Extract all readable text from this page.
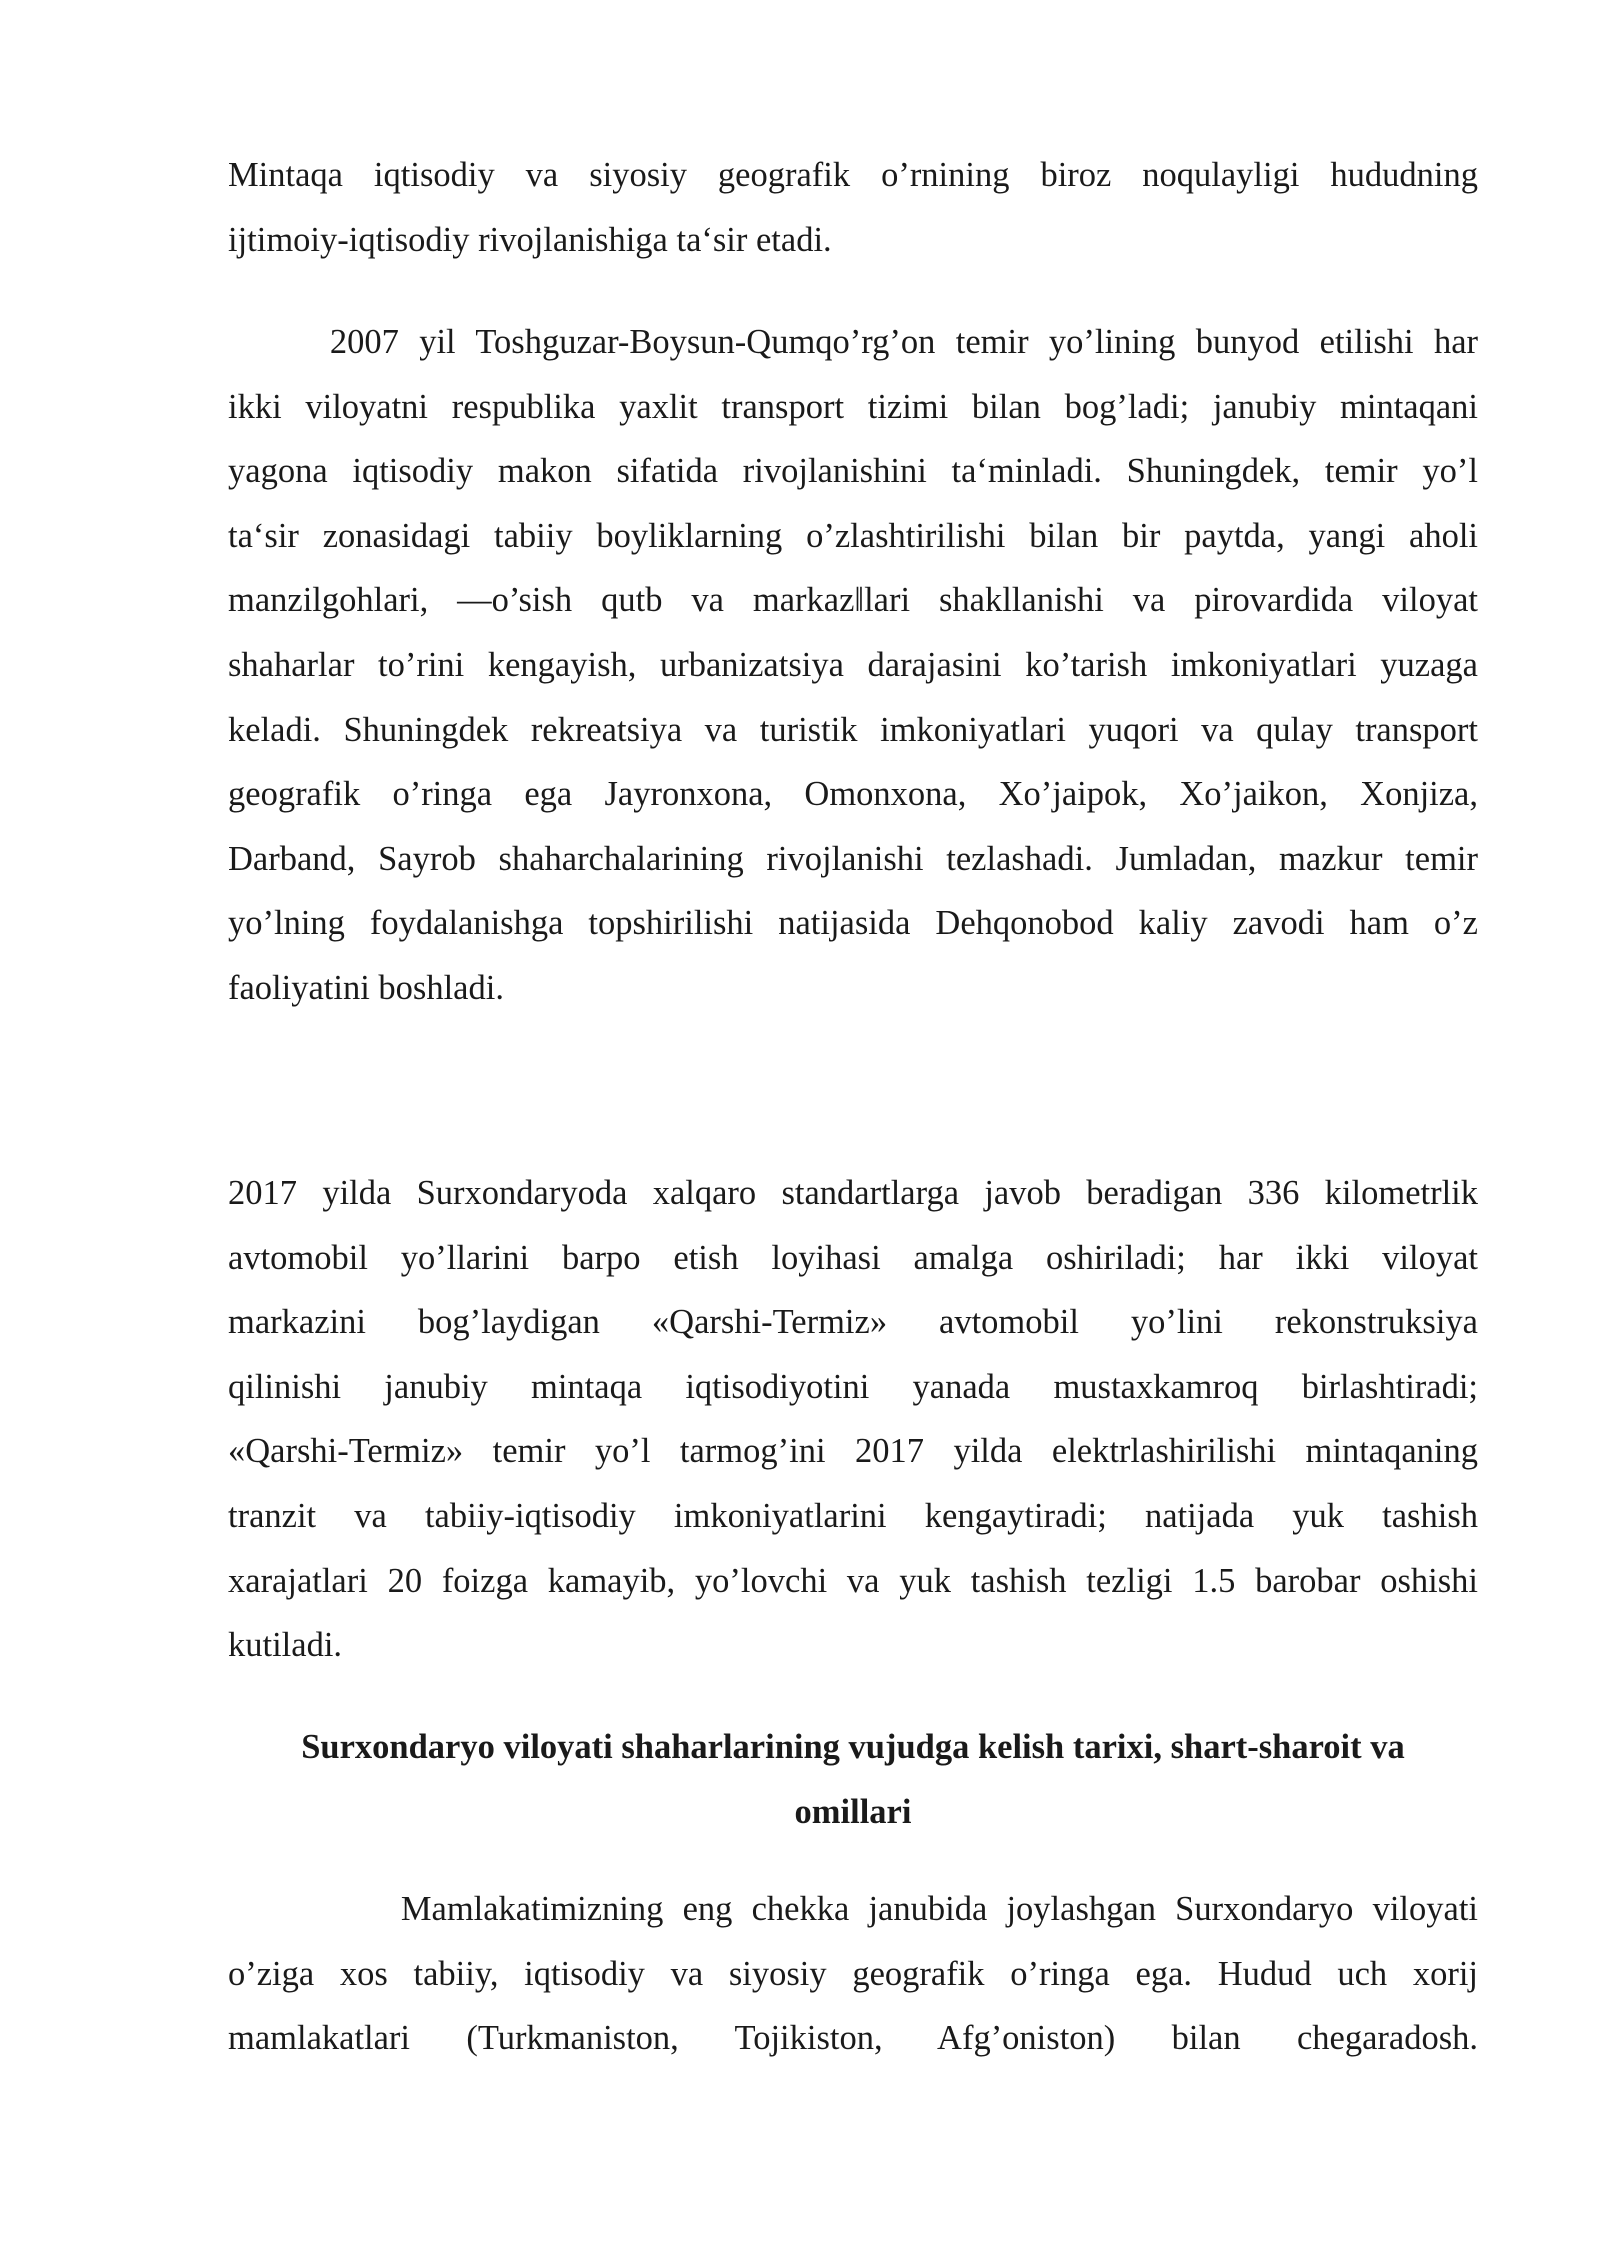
Mintaqa iqtisodiy va siyosiy geografik o’rnining biroz noqulayligi hududning
ijtimoiy-iqtisodiy rivojlanishiga ta‘sir etadi.
2007 yil Toshguzar-Boysun-Qumqo’rg’on temir yo’lining bunyod etilishi har
ikki viloyatni respublika yaxlit transport tizimi bilan bog’ladi; janubiy mintaqani
yagona iqtisodiy makon sifatida rivojlanishini ta‘minladi. Shuningdek, temir yo’l
ta‘sir zonasidagi tabiiy boyliklarning o’zlashtirilishi bilan bir paytda, yangi aholi
manzilgohlari, ―o’sish qutb va markaz‖lari shakllanishi va pirovardida viloyat
shaharlar to’rini kengayish, urbanizatsiya darajasini ko’tarish imkoniyatlari yuzaga
keladi. Shuningdek rekreatsiya va turistik imkoniyatlari yuqori va qulay transport
geografik o’ringa ega Jayronxona, Omonxona, Xo’jaipok, Xo’jaikon, Xonjiza,
Darband, Sayrob shaharchalarining rivojlanishi tezlashadi. Jumladan, mazkur temir
yo’lning foydalanishga topshirilishi natijasida Dehqonobod kaliy zavodi ham o’z
faoliyatini boshladi.
2017 yilda Surxondaryoda xalqaro standartlarga javob beradigan 336 kilometrlik
avtomobil yo’llarini barpo etish loyihasi amalga oshiriladi; har ikki viloyat
markazini bog’laydigan «Qarshi-Termiz» avtomobil yo’lini rekonstruksiya
qilinishi janubiy mintaqa iqtisodiyotini yanada mustaxkamroq birlashtiradi;
«Qarshi-Termiz» temir yo’l tarmog’ini 2017 yilda elektrlashirilishi mintaqaning
tranzit va tabiiy-iqtisodiy imkoniyatlarini kengaytiradi; natijada yuk tashish
xarajatlari 20 foizga kamayib, yo’lovchi va yuk tashish tezligi 1.5 barobar oshishi
kutiladi.
Surxondaryo viloyati shaharlarining vujudga kelish tarixi, shart-sharoit va
omillari
Mamlakatimizning eng chekka janubida joylashgan Surxondaryo viloyati
o’ziga xos tabiiy, iqtisodiy va siyosiy geografik o’ringa ega. Hudud uch xorij
mamlakatlari (Turkmaniston, Tojikiston, Afg’oniston) bilan chegaradosh.
